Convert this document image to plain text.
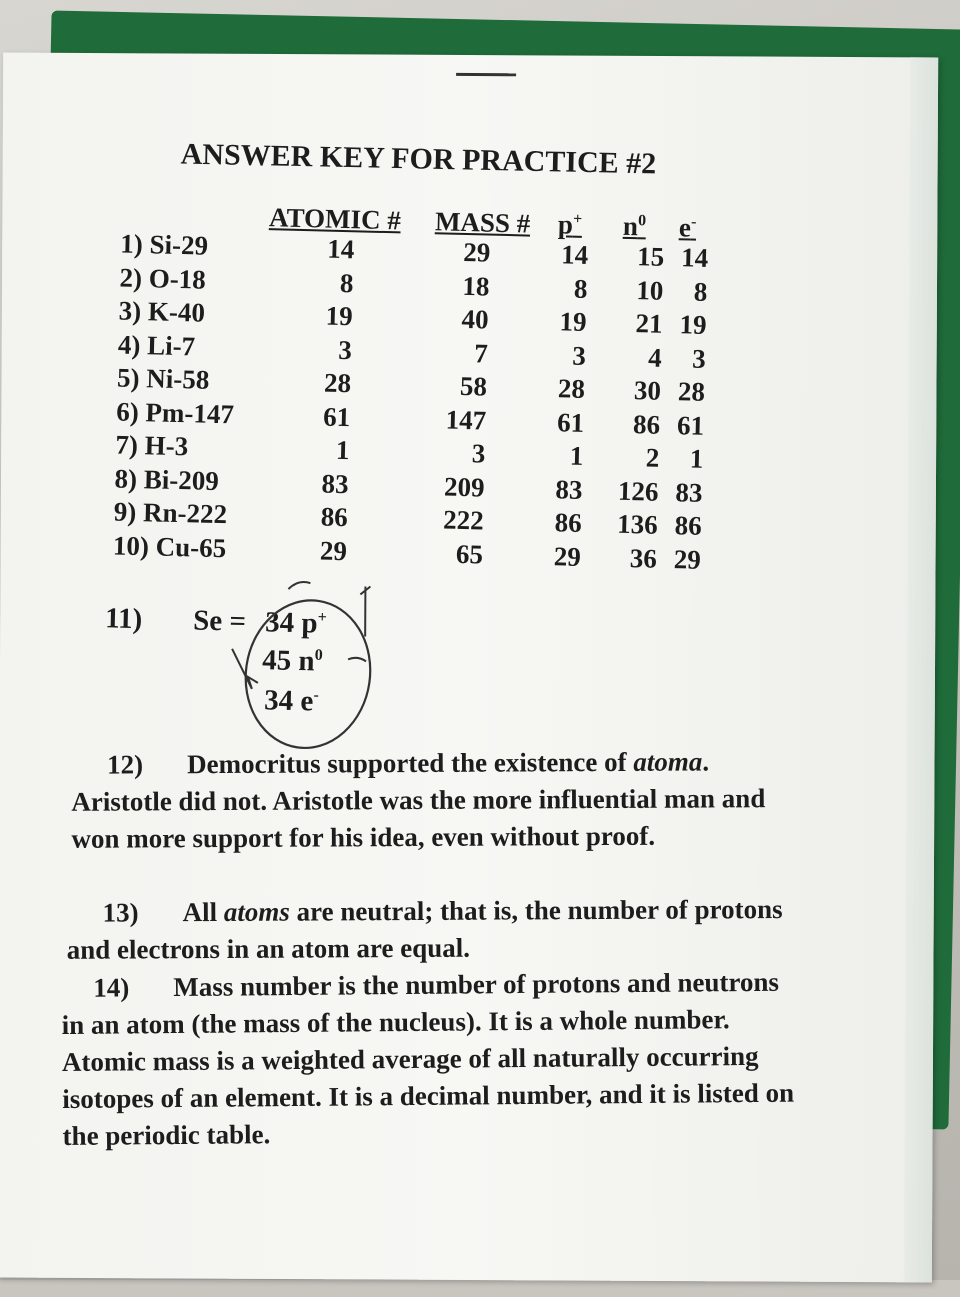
ANSWER KEY FOR PRACTICE #2
ATOMIC # MASS # p+ $n^0$ e-
1) Si-29	14	29	14	15 14
2) O-18	8	18	8	10	8
3) K-40	19	40	19	21 19
4) Li-7	3	7	3	4	3
5) Ni-58	28	58	28	30 28
6) Pm-147	61	147	61	86 61
7) H-3	1	3	1	2	1
8) Bi-209	83	209	83	126 83
9) Rn-222	86	222	86	136 86
10) Cu-65	29	65	29	36 29
11) Se = 34 p+
45 $n^0$
34 e-
12) Democritus supported the existence of atoma. Aristotle did not. Aristotle was the more influential man and won more support for his idea, even without proof.
13) All atoms are neutral; that is, the number of protons and electrons in an atom are equal.
14) Mass number is the number of protons and neutrons in an atom (the mass of the nucleus). It is a whole number. Atomic mass is a weighted average of all naturally occurring isotopes of an element. It is a decimal number, and it is listed on the periodic table.
